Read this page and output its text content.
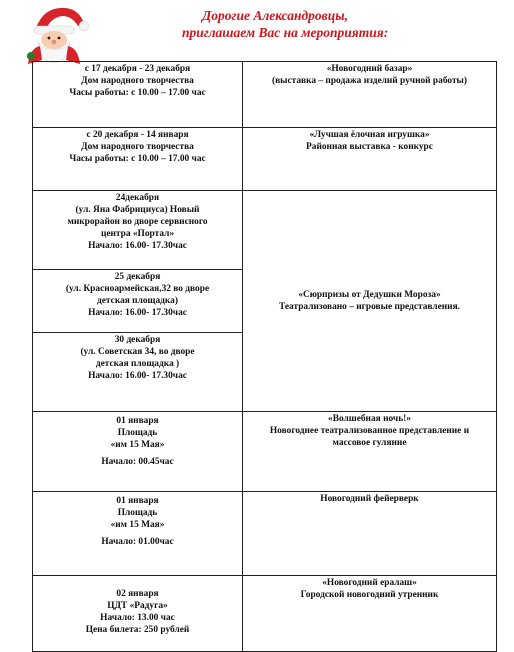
Дорогие Александровцы,
приглашаем Вас на мероприятия:
с 17 декабря - 23 декабря
Дом народного творчества
Часы работы: с 10.00 – 17.00 час	«Новогодний базар»
(выставка – продажа изделий ручной работы)

с 20 декабря - 14 января
Дом народного творчества
Часы работы: с 10.00 – 17.00 час	«Лучшая ёлочная игрушка»
Районная выставка - конкурс

24декабря
(ул. Яна Фабрициуса) Новый
микрорайон во дворе сервисного
центра «Портал»
Начало: 16.00- 17.30час	«Сюрпризы от Дедушки Мороза»
Театрализовано – игровые представления.

25 декабря
(ул. Красноармейская,32 во дворе
детская площадка)
Начало: 16.00- 17.30час	

30 декабря
(ул. Советская 34, во дворе
детская площадка )
Начало: 16.00- 17.30час	

01 января
Площадь
«им 15 Мая»
Начало: 00.45час	«Волшебная ночь!»
Новогоднее театрализованное представление и
массовое гуляние

01 января
Площадь
«им 15 Мая»
Начало: 01.00час	Новогодний фейерверк

02 января
ЦДТ «Радуга»
Начало: 13.00 час
Цена билета: 250 рублей	«Новогодний ералаш»
Городской новогодний утренник
